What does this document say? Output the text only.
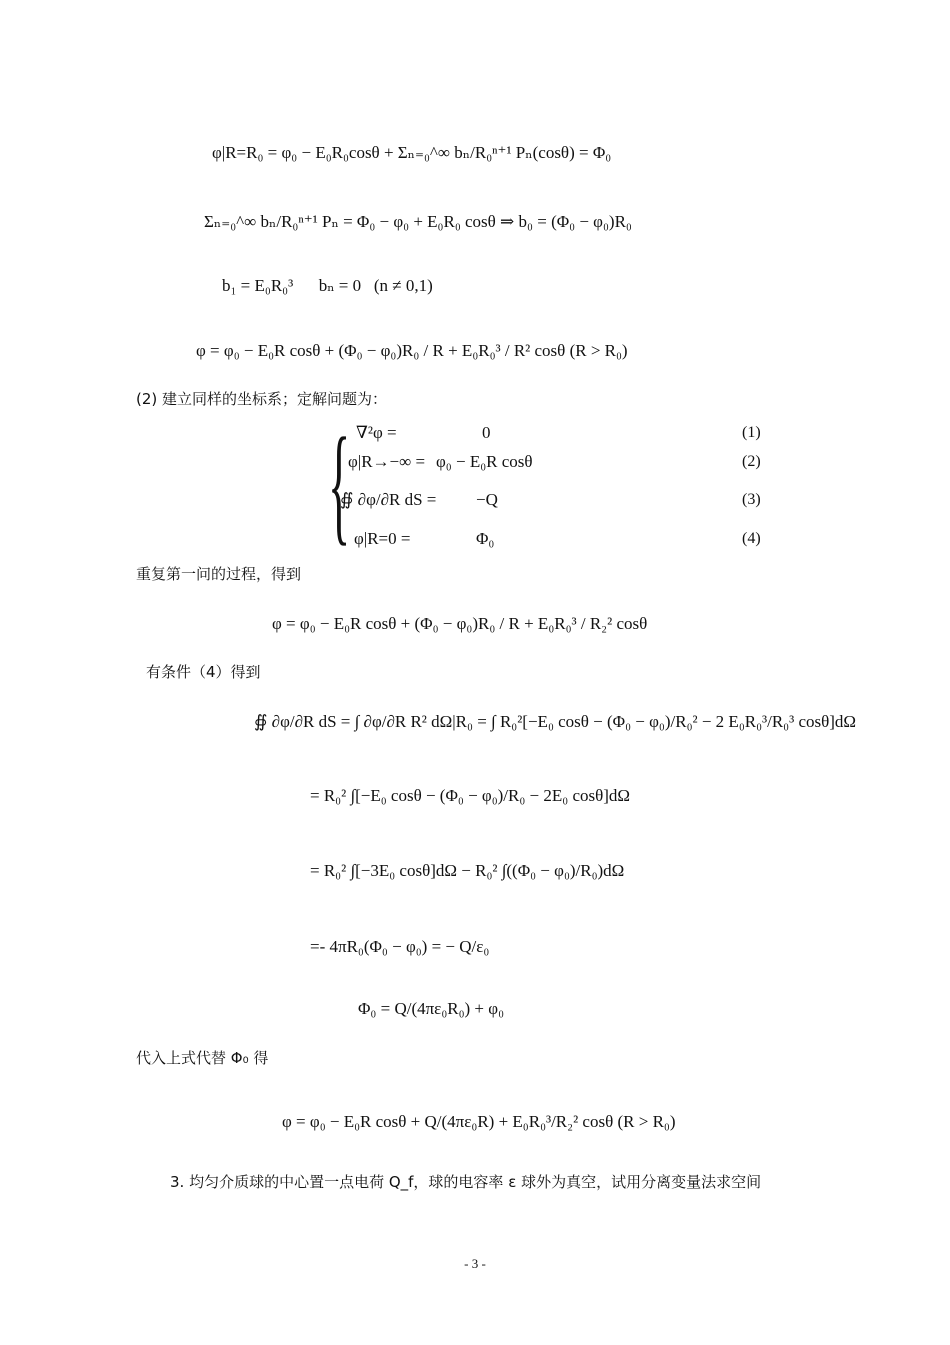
φ|R=R₀ = φ₀ − E₀R₀cosθ + Σₙ₌₀^∞ bₙ/R₀ⁿ⁺¹ Pₙ(cosθ) = Φ₀
Σₙ₌₀^∞ bₙ/R₀ⁿ⁺¹ Pₙ = Φ₀ − φ₀ + E₀R₀ cosθ ⇒ b₀ = (Φ₀ − φ₀)R₀
b₁ = E₀R₀³      bₙ = 0   (n ≠ 0,1)
φ = φ₀ − E₀R cosθ + (Φ₀ − φ₀)R₀ / R + E₀R₀³ / R² cosθ (R > R₀)
(2) 建立同样的坐标系；定解问题为：
{ ∇²φ =	0	(1)
φ|R→−∞ = φ₀ − E₀R cosθ	(2)
∯ ∂φ/∂R dS = −Q	(3)
φ|R=0 =	Φ₀	(4)
重复第一问的过程，得到
φ = φ₀ − E₀R cosθ + (Φ₀ − φ₀)R₀ / R + E₀R₀³ / R₂² cosθ
有条件（4）得到
∯ ∂φ/∂R dS = ∫ ∂φ/∂R R² dΩ|R₀ = ∫ R₀²[−E₀ cosθ − (Φ₀ − φ₀)/R₀² − 2 E₀R₀³/R₀³ cosθ]dΩ
= R₀² ∫[−E₀ cosθ − (Φ₀ − φ₀)/R₀ − 2E₀ cosθ]dΩ
= R₀² ∫[−3E₀ cosθ]dΩ − R₀² ∫((Φ₀ − φ₀)/R₀)dΩ
=- 4πR₀(Φ₀ − φ₀) = − Q/ε₀
Φ₀ = Q/(4πε₀R₀) + φ₀
代入上式代替 Φ₀ 得
φ = φ₀ − E₀R cosθ + Q/(4πε₀R) + E₀R₀³/R₂² cosθ (R > R₀)
3. 均匀介质球的中心置一点电荷 Q_f，球的电容率 ε 球外为真空，试用分离变量法求空间
- 3 -
